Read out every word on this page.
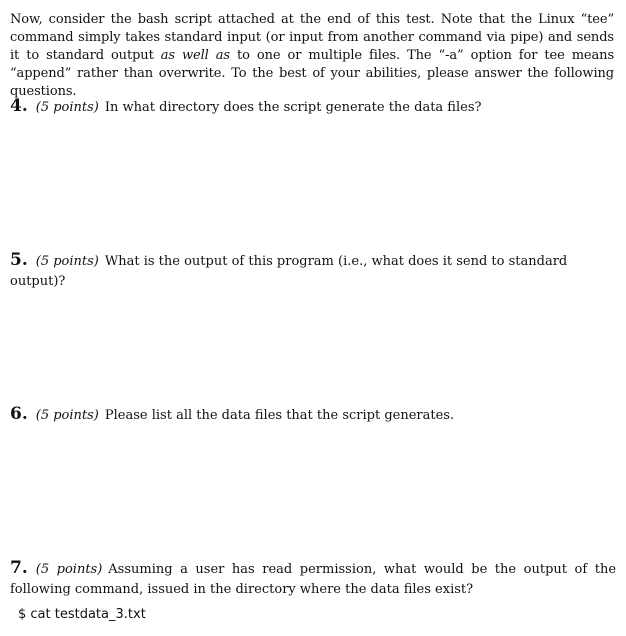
Now, consider the bash script attached at the end of this test. Note that the Linux “tee” command simply takes standard input (or input from another command via pipe) and sends it to standard output as well as to one or multiple files. The “-a” option for tee means “append” rather than overwrite. To the best of your abilities, please answer the following questions.

4. (5 points) In what directory does the script generate the data files?
5. (5 points) What is the output of this program (i.e., what does it send to standard output)?
6. (5 points) Please list all the data files that the script generates.
7. (5 points) Assuming a user has read permission, what would be the output of the following command, issued in the directory where the data files exist?
$ cat testdata_3.txt
